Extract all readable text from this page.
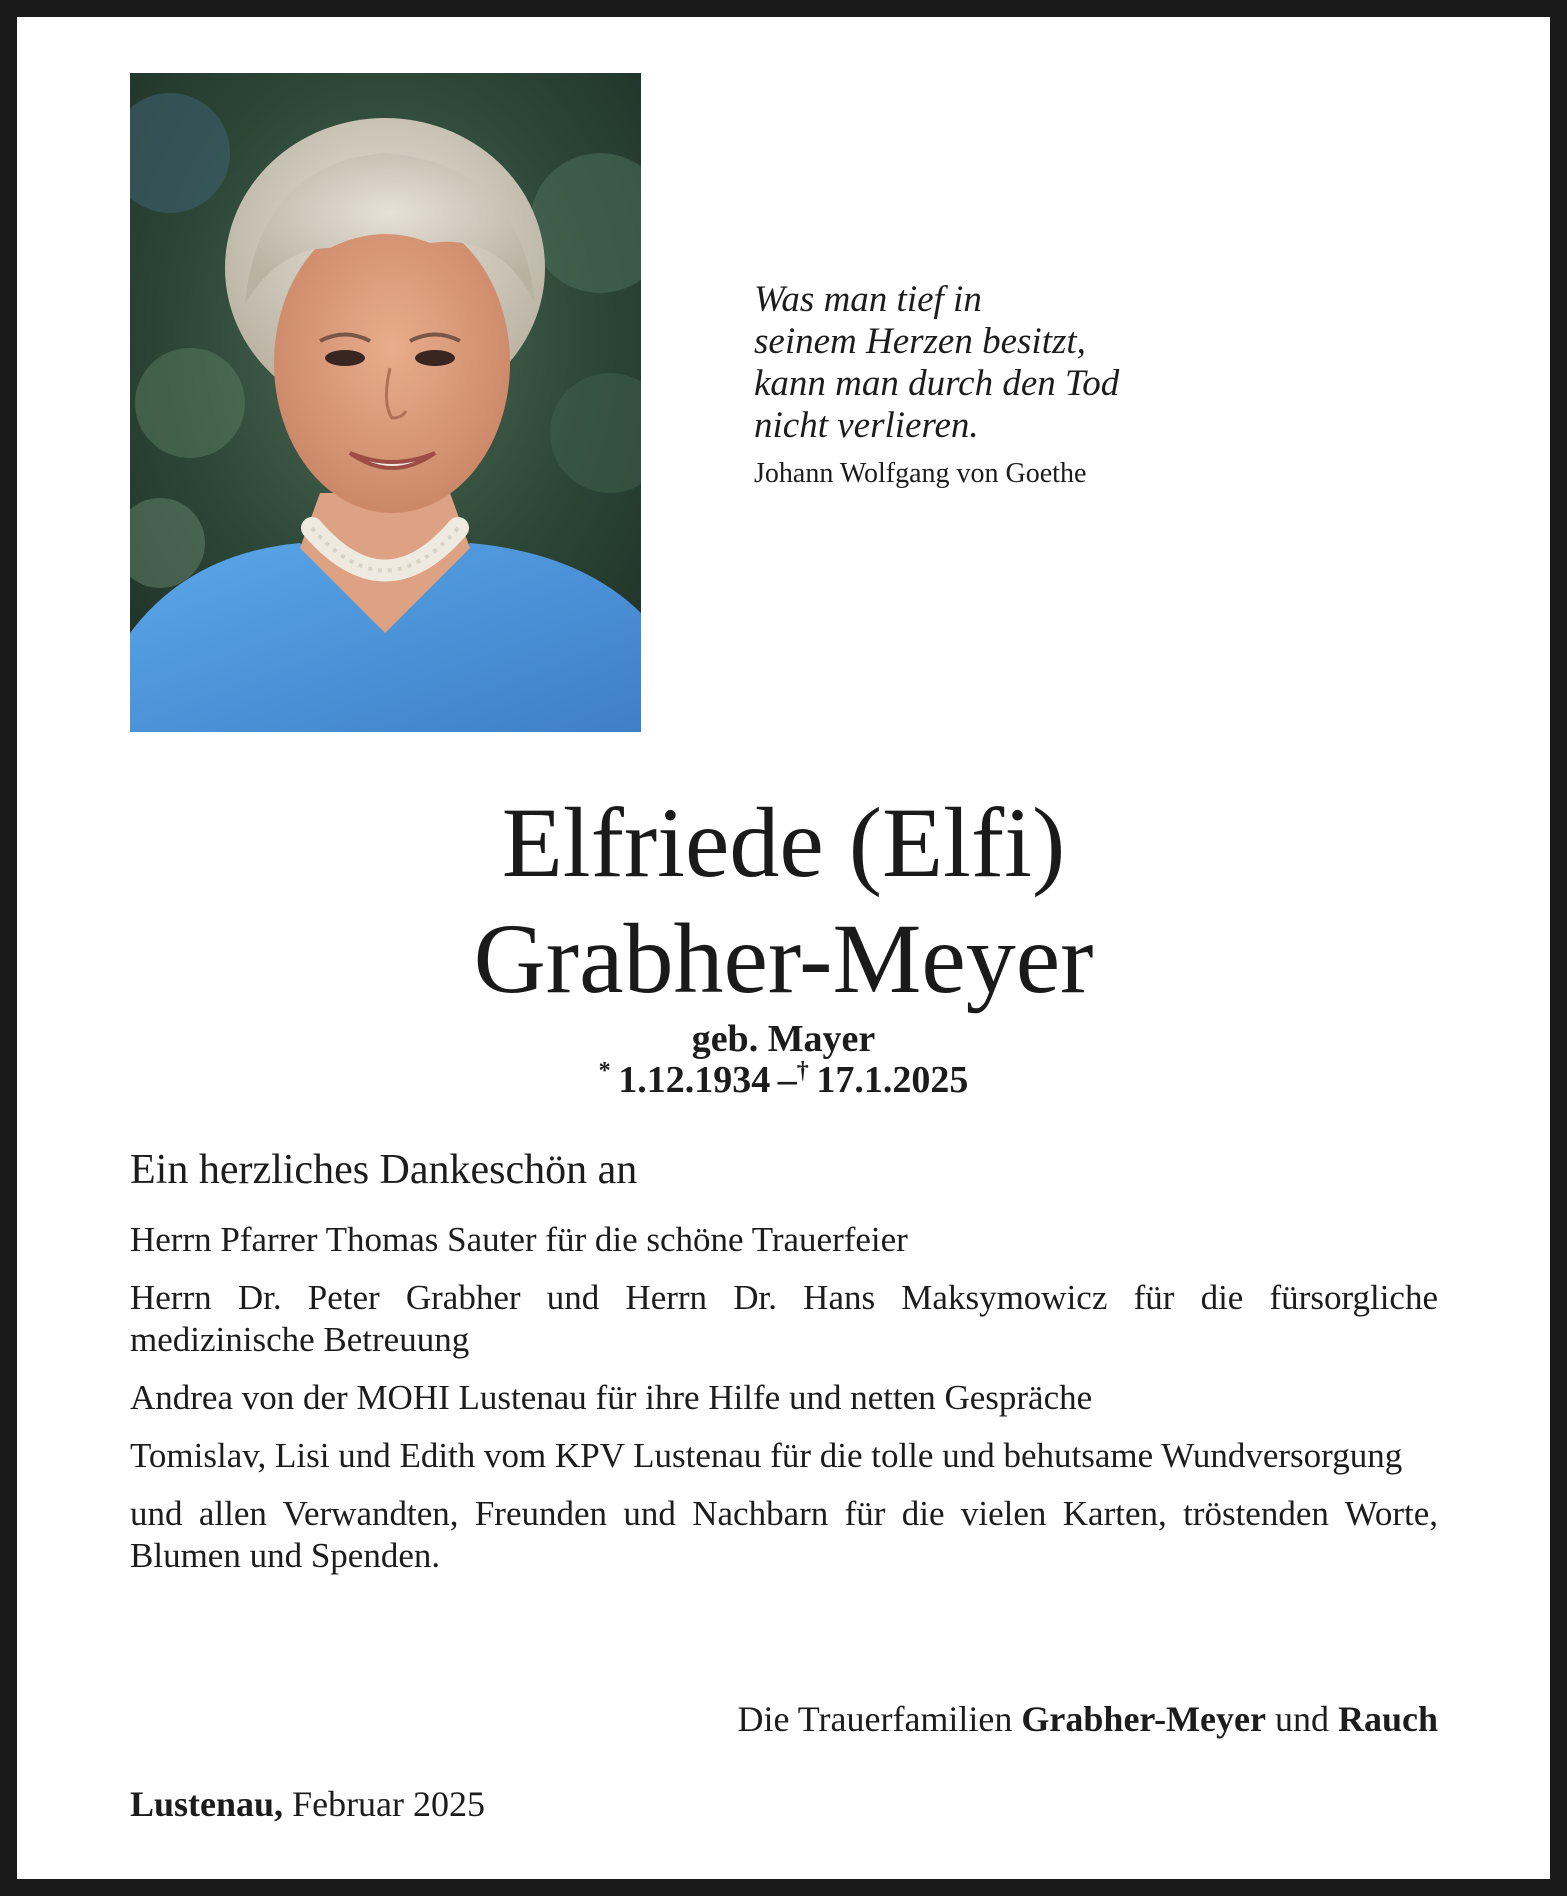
Was man tief in
seinem Herzen besitzt,
kann man durch den Tod
nicht verlieren.
Johann Wolfgang von Goethe
Elfriede (Elfi)
Grabher-Meyer
geb. Mayer
*  1.12.1934  –†  17.1.2025
Ein herzliches Dankeschön an
Herrn Pfarrer Thomas Sauter für die schöne Trauerfeier
Herrn Dr. Peter Grabher und Herrn Dr. Hans Maksymowicz für die fürsorgliche medizinische Betreuung
Andrea von der MOHI Lustenau für ihre Hilfe und netten Gespräche
Tomislav, Lisi und Edith vom KPV Lustenau für die tolle und behutsame Wundversorgung
und allen Verwandten, Freunden und Nachbarn für die vielen Karten, tröstenden Worte, Blumen und Spenden.
Die Trauerfamilien Grabher-Meyer und Rauch
Lustenau, Februar 2025
